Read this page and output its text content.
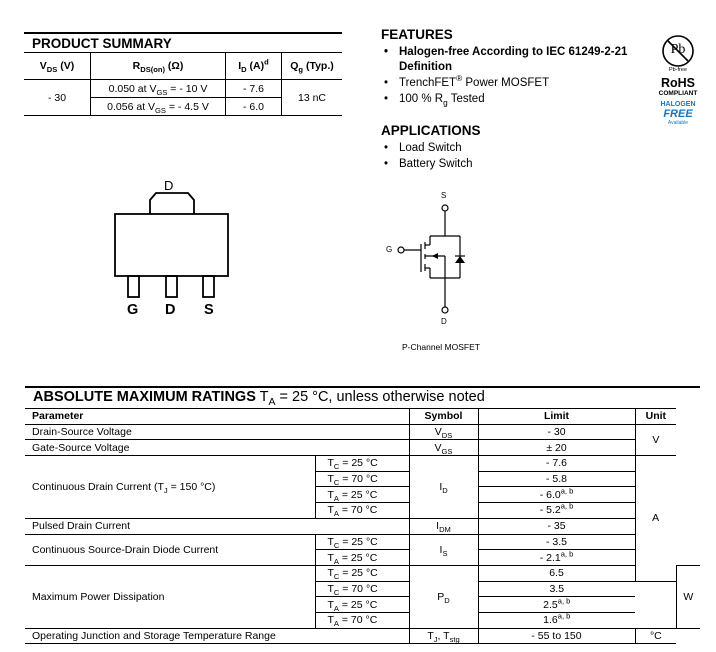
PRODUCT SUMMARY
$V_{DS}$ (V)	$R_{DS(on)}$ (Ω)	$I_D$ $(A)^d$	$Q_g$ (Typ.)
- 30	0.050 at $V_{GS}$ = - 10 V	- 7.6	13 nC
	0.056 at $V_{GS}$ = - 4.5 V	- 6.0	
FEATURES
• Halogen-free According to IEC 61249-2-21
Definition
• TrenchFET® Power MOSFET
• 100 % $R_g$ Tested
APPLICATIONS
• Load Switch
• Battery Switch
Pb
Pb-free
RoHS
COMPLIANT
HALOGEN
FREE
Available
D
G D S
S
G
D
P-Channel MOSFET
ABSOLUTE MAXIMUM RATINGS $T_A = 25$ °C, unless otherwise noted
Parameter		Symbol	Limit	Unit	
Drain-Source Voltage		$V_{DS}$	- 30	V	
Gate-Source Voltage		$V_{GS}$	± 20		
Continuous Drain Current ($T_J = 150$ °C)	$T_C = 25$ °C	$I_D$	- 7.6	A	
	$T_C = 70$ °C		- 5.8		
	$T_A = 25$ °C		- 6.0$^{a, b}$
	$T_A = 70$ °C		- 5.2$^{a, b}$
Pulsed Drain Current		$I_{DM}$	- 35		
Continuous Source-Drain Diode Current	$T_C = 25$ °C	$I_S$	- 3.5		
	$T_A = 25$ °C		- 2.1$^{a, b}$
Maximum Power Dissipation	$T_C = 25$ °C	$P_D$	6.5		W
	$T_C = 70$ °C		3.5		
	$T_A = 25$ °C		2.5$^{a, b}$
	$T_A = 70$ °C		1.6$^{a, b}$
Operating Junction and Storage Temperature Range		$T_J$, $T_{stg}$	- 55 to 150	°C	
